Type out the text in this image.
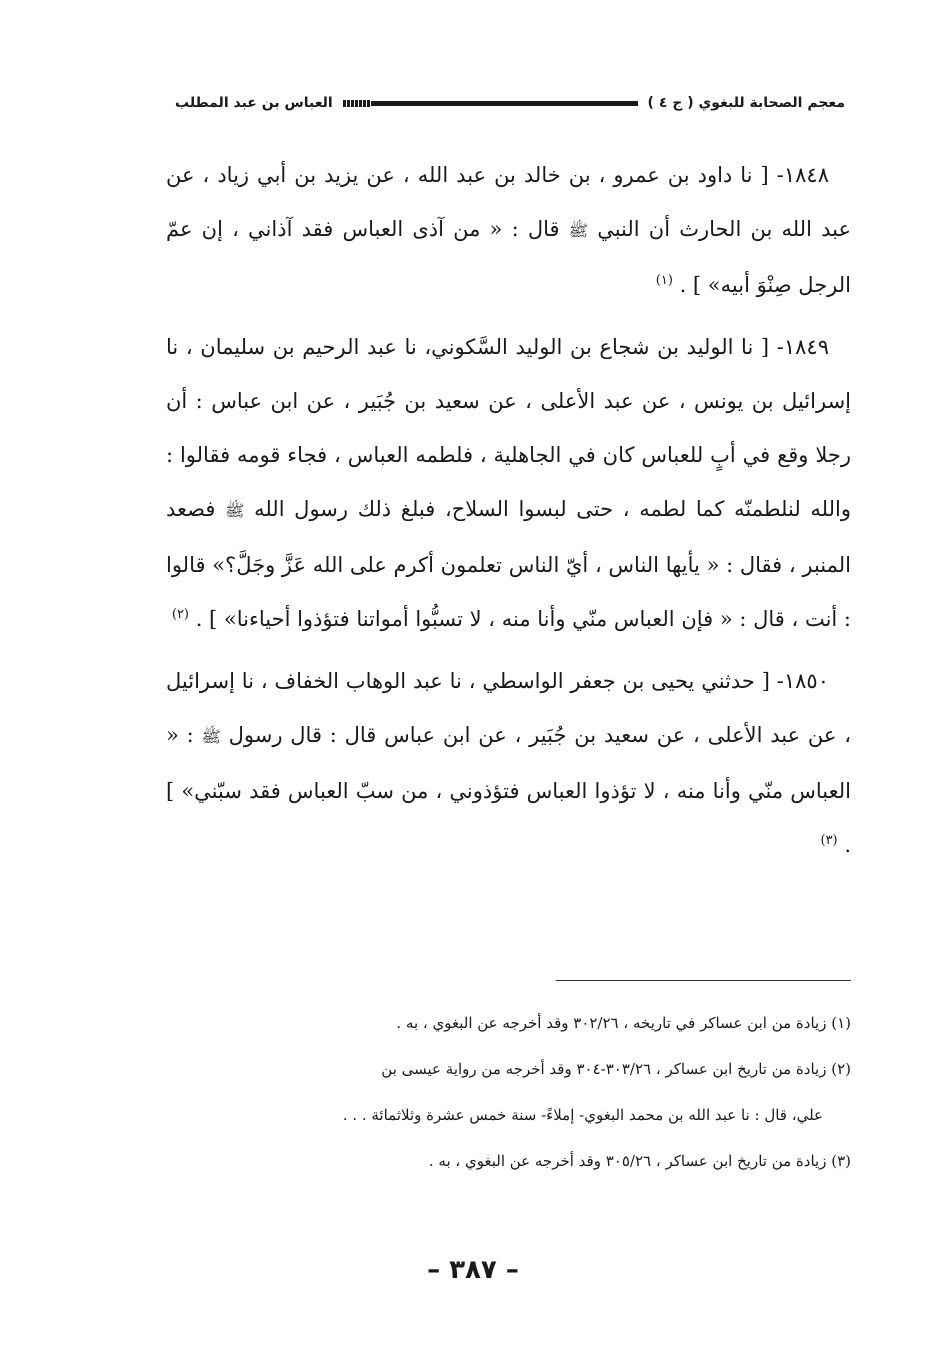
معجم الصحابة للبغوي ( ج ٤ )
العباس بن عبد المطلب

١٨٤٨- [ نا داود بن عمرو ، بن خالد بن عبد الله ، عن يزيد بن أبي زياد ، عن عبد الله بن الحارث أن النبي ﷺ قال : « من آذى العباس فقد آذاني ، إن عمّ الرجل صِنْوَ أبيه» ] . $^{(١)}$

١٨٤٩- [ نا الوليد بن شجاع بن الوليد السَّكوني، نا عبد الرحيم بن سليمان ، نا إسرائيل بن يونس ، عن عبد الأعلى ، عن سعيد بن جُبَير ، عن ابن عباس : أن رجلا وقع في أبٍ للعباس كان في الجاهلية ، فلطمه العباس ، فجاء قومه فقالوا : والله لنلطمنّه كما لطمه ، حتى لبسوا السلاح، فبلغ ذلك رسول الله ﷺ فصعد المنبر ، فقال : « يأيها الناس ، أيّ الناس تعلمون أكرم على الله عَزَّ وجَلَّ؟» قالوا : أنت ، قال : « فإن العباس منّي وأنا منه ، لا تسبُّوا أمواتنا فتؤذوا أحياءنا» ] . $^{(٢)}$

١٨٥٠- [ حدثني يحيى بن جعفر الواسطي ، نا عبد الوهاب الخفاف ، نا إسرائيل ، عن عبد الأعلى ، عن سعيد بن جُبَير ، عن ابن عباس قال : قال رسول ﷺ : « العباس منّي وأنا منه ، لا تؤذوا العباس فتؤذوني ، من سبّ العباس فقد سبّني» ] . $^{(٣)}$

(١) زيادة من ابن عساكر في تاريخه ، ٣٠٢/٢٦ وقد أخرجه عن البغوي ، به .

(٢) زيادة من تاريخ ابن عساكر ، ٣٠٣/٢٦-٣٠٤ وقد أخرجه من رواية عيسى بن

علي، قال : نا عبد الله بن محمد البغوي- إملاءً- سنة خمس عشرة وثلاثمائة . . .

(٣) زيادة من تاريخ ابن عساكر ، ٣٠٥/٢٦ وقد أخرجه عن البغوي ، به .

– ٣٨٧ –
